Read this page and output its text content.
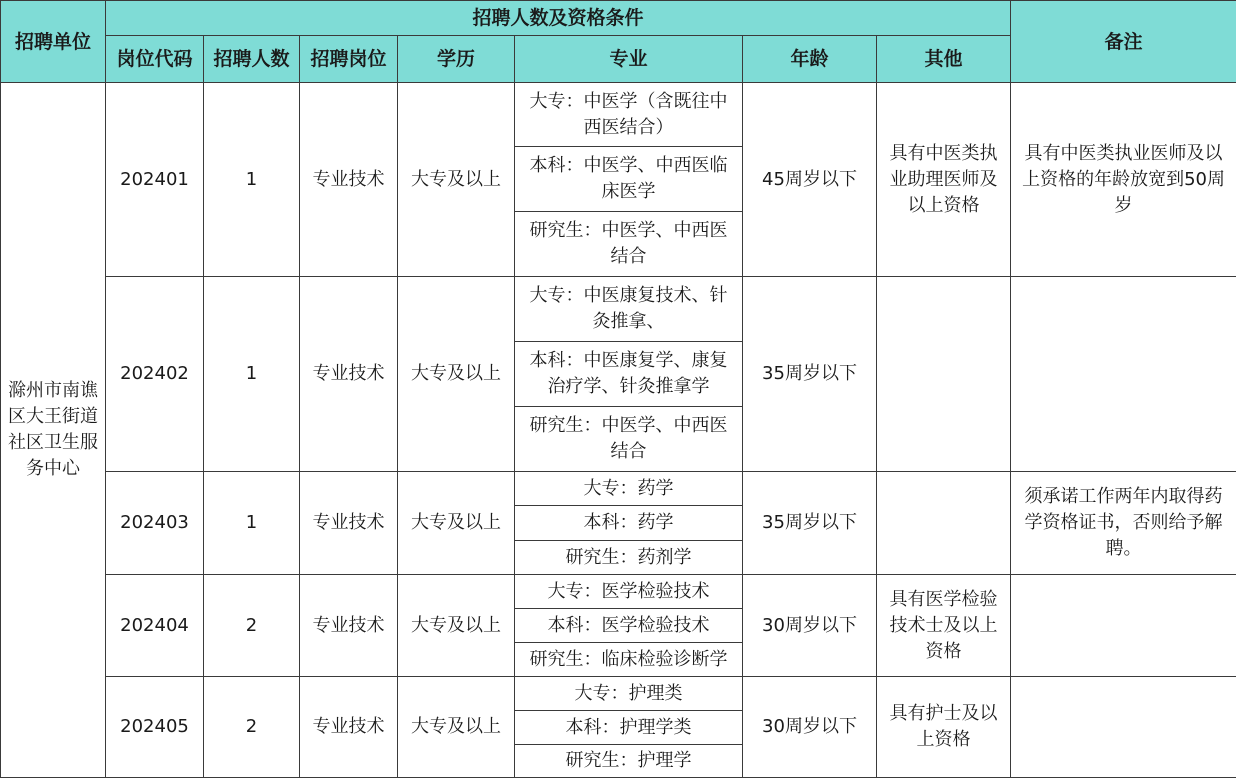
招聘单位	招聘人数及资格条件							备注
	岗位代码	招聘人数	招聘岗位	学历	专业	年龄	其他	
滁州市南谯区大王街道社区卫生服务中心	202401	1	专业技术	大专及以上	大专：中医学（含既往中西医结合）	45周岁以下	具有中医类执业助理医师及以上资格	具有中医类执业医师及以上资格的年龄放宽到50周岁
					本科：中医学、中西医临床医学			
					研究生：中医学、中西医结合			
	202402	1	专业技术	大专及以上	大专：中医康复技术、针灸推拿、	35周岁以下		
					本科：中医康复学、康复治疗学、针灸推拿学			
					研究生：中医学、中西医结合			
	202403	1	专业技术	大专及以上	大专：药学	35周岁以下		须承诺工作两年内取得药学资格证书，否则给予解聘。
					本科：药学			
					研究生：药剂学			
	202404	2	专业技术	大专及以上	大专：医学检验技术	30周岁以下	具有医学检验技术士及以上资格	
					本科：医学检验技术			
					研究生：临床检验诊断学			
	202405	2	专业技术	大专及以上	大专：护理类	30周岁以下	具有护士及以上资格	
					本科：护理学类			
					研究生：护理学			
